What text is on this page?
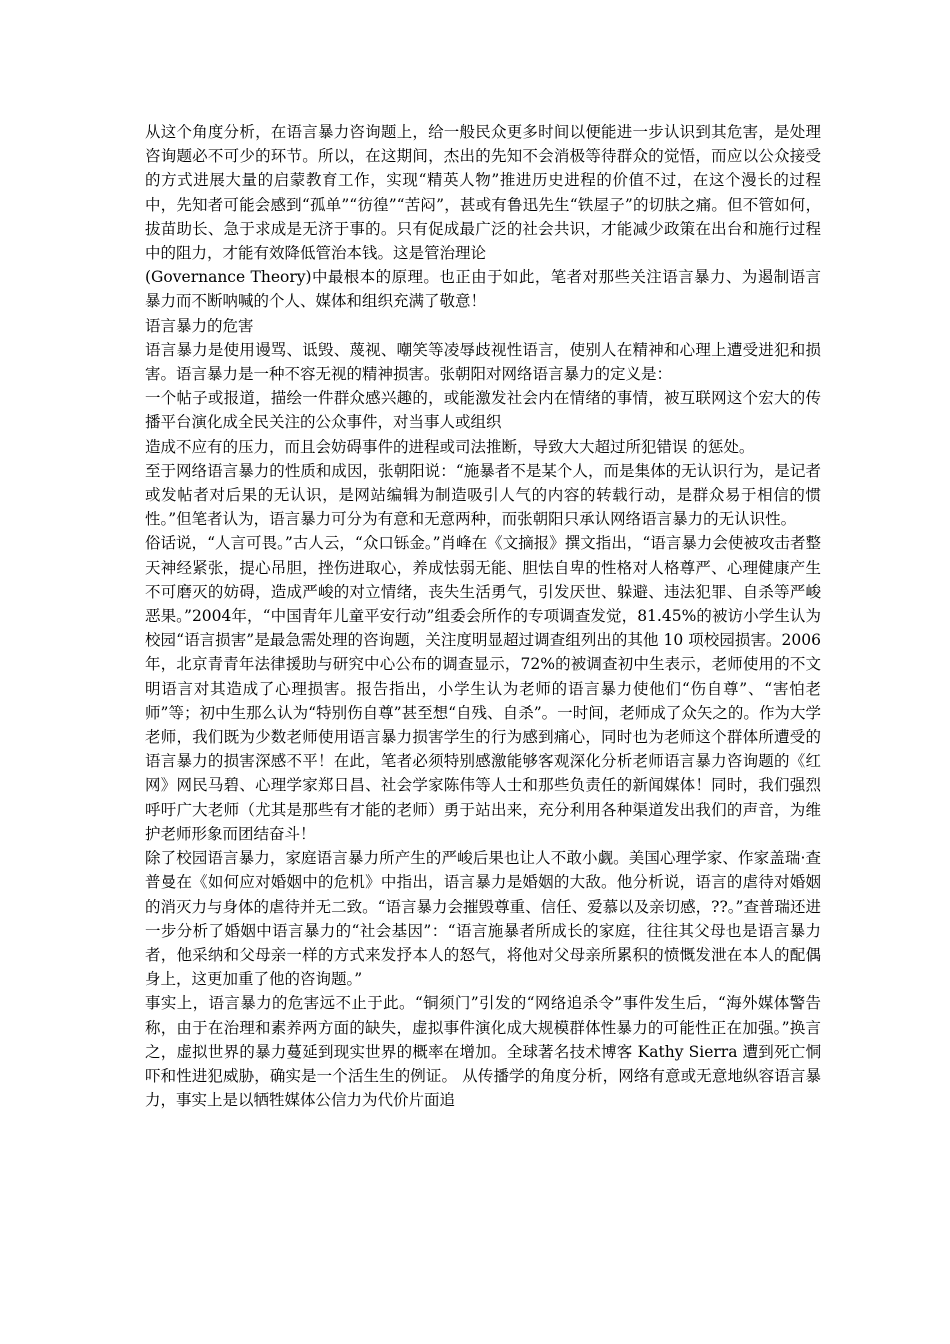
从这个角度分析，在语言暴力咨询题上，给一般民众更多时间以便能进一步认识到其危害，是处理咨询题必不可少的环节。所以，在这期间，杰出的先知不会消极等待群众的觉悟，而应以公众接受的方式进展大量的启蒙教育工作，实现“精英人物”推进历史进程的价值不过，在这个漫长的过程中，先知者可能会感到“孤单”“彷徨”“苦闷”，甚或有鲁迅先生“铁屋子”的切肤之痛。但不管如何，拔苗助长、急于求成是无济于事的。只有促成最广泛的社会共识，才能减少政策在出台和施行过程中的阻力，才能有效降低管治本钱。这是管治理论

(Governance Theory)中最根本的原理。也正由于如此，笔者对那些关注语言暴力、为遏制语言暴力而不断呐喊的个人、媒体和组织充满了敬意！

语言暴力的危害

语言暴力是使用谩骂、诋毁、蔑视、嘲笑等凌辱歧视性语言，使别人在精神和心理上遭受进犯和损害。语言暴力是一种不容无视的精神损害。张朝阳对网络语言暴力的定义是：

一个帖子或报道，描绘一件群众感兴趣的，或能激发社会内在情绪的事情，被互联网这个宏大的传播平台演化成全民关注的公众事件，对当事人或组织

造成不应有的压力，而且会妨碍事件的进程或司法推断，导致大大超过所犯错误 的惩处。

至于网络语言暴力的性质和成因，张朝阳说：“施暴者不是某个人，而是集体的无认识行为，是记者或发帖者对后果的无认识，是网站编辑为制造吸引人气的内容的转载行动，是群众易于相信的惯性。”但笔者认为，语言暴力可分为有意和无意两种，而张朝阳只承认网络语言暴力的无认识性。

俗话说，“人言可畏。”古人云，“众口铄金。”肖峰在《文摘报》撰文指出，“语言暴力会使被攻击者整天神经紧张，提心吊胆，挫伤进取心，养成怯弱无能、胆怯自卑的性格对人格尊严、心理健康产生不可磨灭的妨碍，造成严峻的对立情绪，丧失生活勇气，引发厌世、躲避、违法犯罪、自杀等严峻恶果。”2004年，“中国青年儿童平安行动”组委会所作的专项调查发觉，81.45%的被访小学生认为校园“语言损害”是最急需处理的咨询题，关注度明显超过调查组列出的其他 10 项校园损害。2006 年，北京青青年法律援助与研究中心公布的调查显示，72%的被调查初中生表示，老师使用的不文明语言对其造成了心理损害。报告指出，小学生认为老师的语言暴力使他们“伤自尊”、“害怕老师”等；初中生那么认为“特别伤自尊”甚至想“自残、自杀”。一时间，老师成了众矢之的。作为大学老师，我们既为少数老师使用语言暴力损害学生的行为感到痛心，同时也为老师这个群体所遭受的语言暴力的损害深感不平！在此，笔者必须特别感激能够客观深化分析老师语言暴力咨询题的《红网》网民马碧、心理学家郑日昌、社会学家陈伟等人士和那些负责任的新闻媒体！同时，我们强烈呼吁广大老师（尤其是那些有才能的老师）勇于站出来，充分利用各种渠道发出我们的声音，为维护老师形象而团结奋斗！

除了校园语言暴力，家庭语言暴力所产生的严峻后果也让人不敢小觑。美国心理学家、作家盖瑞·查普曼在《如何应对婚姻中的危机》中指出，语言暴力是婚姻的大敌。他分析说，语言的虐待对婚姻的消灭力与身体的虐待并无二致。“语言暴力会摧毁尊重、信任、爱慕以及亲切感，??。”查普瑞还进一步分析了婚姻中语言暴力的“社会基因”：“语言施暴者所成长的家庭，往往其父母也是语言暴力者，他采纳和父母亲一样的方式来发抒本人的怒气，将他对父母亲所累积的愤慨发泄在本人的配偶身上，这更加重了他的咨询题。”

事实上，语言暴力的危害远不止于此。“铜须门”引发的“网络追杀令”事件发生后，“海外媒体警告称，由于在治理和素养两方面的缺失，虚拟事件演化成大规模群体性暴力的可能性正在加强。”换言之，虚拟世界的暴力蔓延到现实世界的概率在增加。全球著名技术博客 Kathy Sierra 遭到死亡恫吓和性进犯威胁，确实是一个活生生的例证。 从传播学的角度分析，网络有意或无意地纵容语言暴力，事实上是以牺牲媒体公信力为代价片面追
